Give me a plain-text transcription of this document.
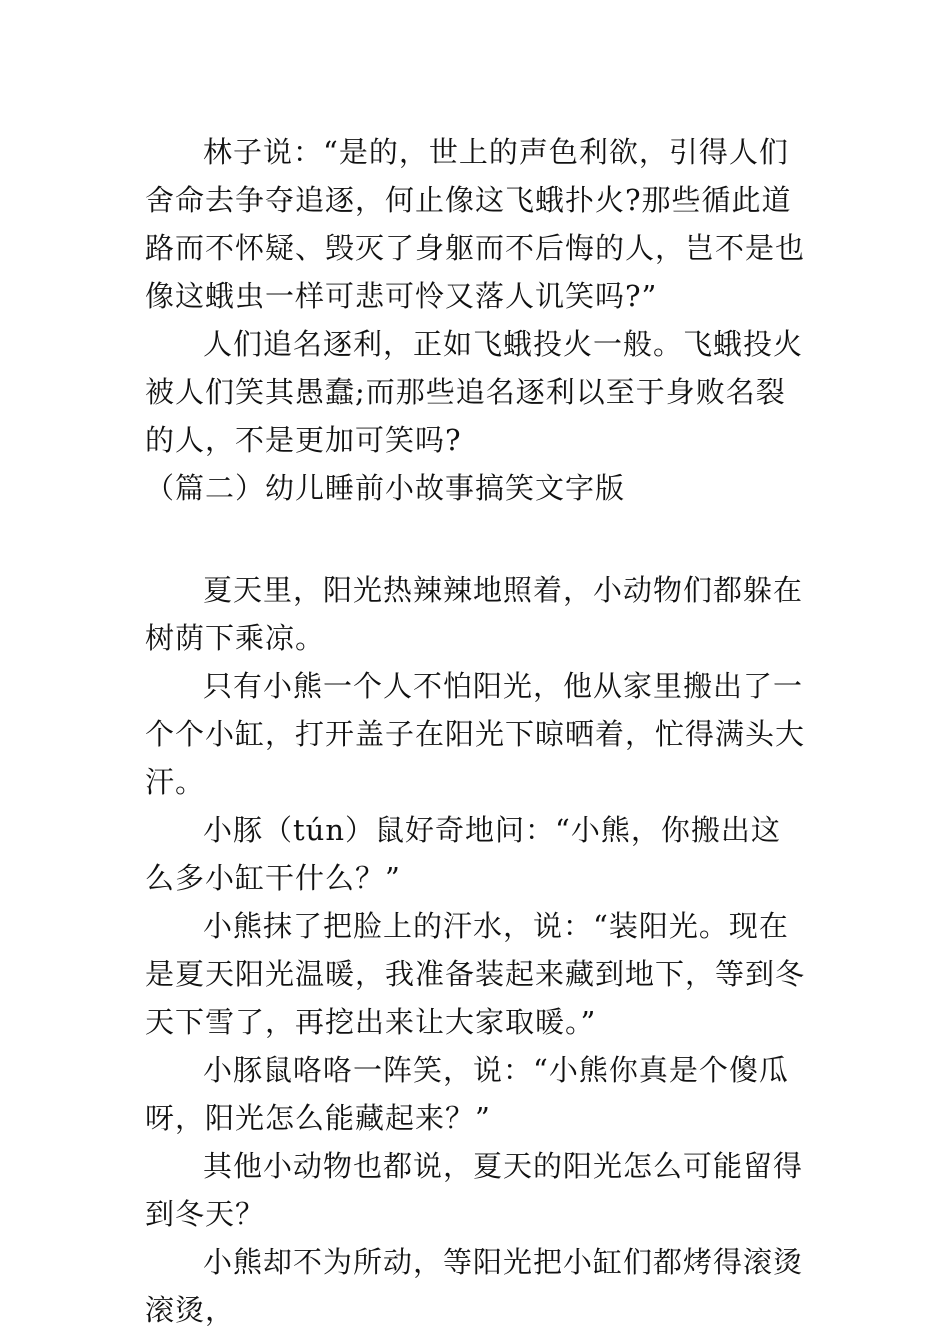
林子说：“是的，世上的声色利欲，引得人们舍命去争夺追逐，何止像这飞蛾扑火?那些循此道路而不怀疑、毁灭了身躯而不后悔的人，岂不是也像这蛾虫一样可悲可怜又落人讥笑吗?”

人们追名逐利，正如飞蛾投火一般。飞蛾投火被人们笑其愚蠢;而那些追名逐利以至于身败名裂的人，不是更加可笑吗?

（篇二）幼儿睡前小故事搞笑文字版

夏天里，阳光热辣辣地照着，小动物们都躲在树荫下乘凉。

只有小熊一个人不怕阳光，他从家里搬出了一个个小缸，打开盖子在阳光下晾晒着，忙得满头大汗。

小豚（tún）鼠好奇地问：“小熊，你搬出这么多小缸干什么？”

小熊抹了把脸上的汗水，说：“装阳光。现在是夏天阳光温暖，我准备装起来藏到地下，等到冬天下雪了，再挖出来让大家取暖。”

小豚鼠咯咯一阵笑，说：“小熊你真是个傻瓜呀，阳光怎么能藏起来？”

其他小动物也都说，夏天的阳光怎么可能留得到冬天？

小熊却不为所动，等阳光把小缸们都烤得滚烫滚烫，
